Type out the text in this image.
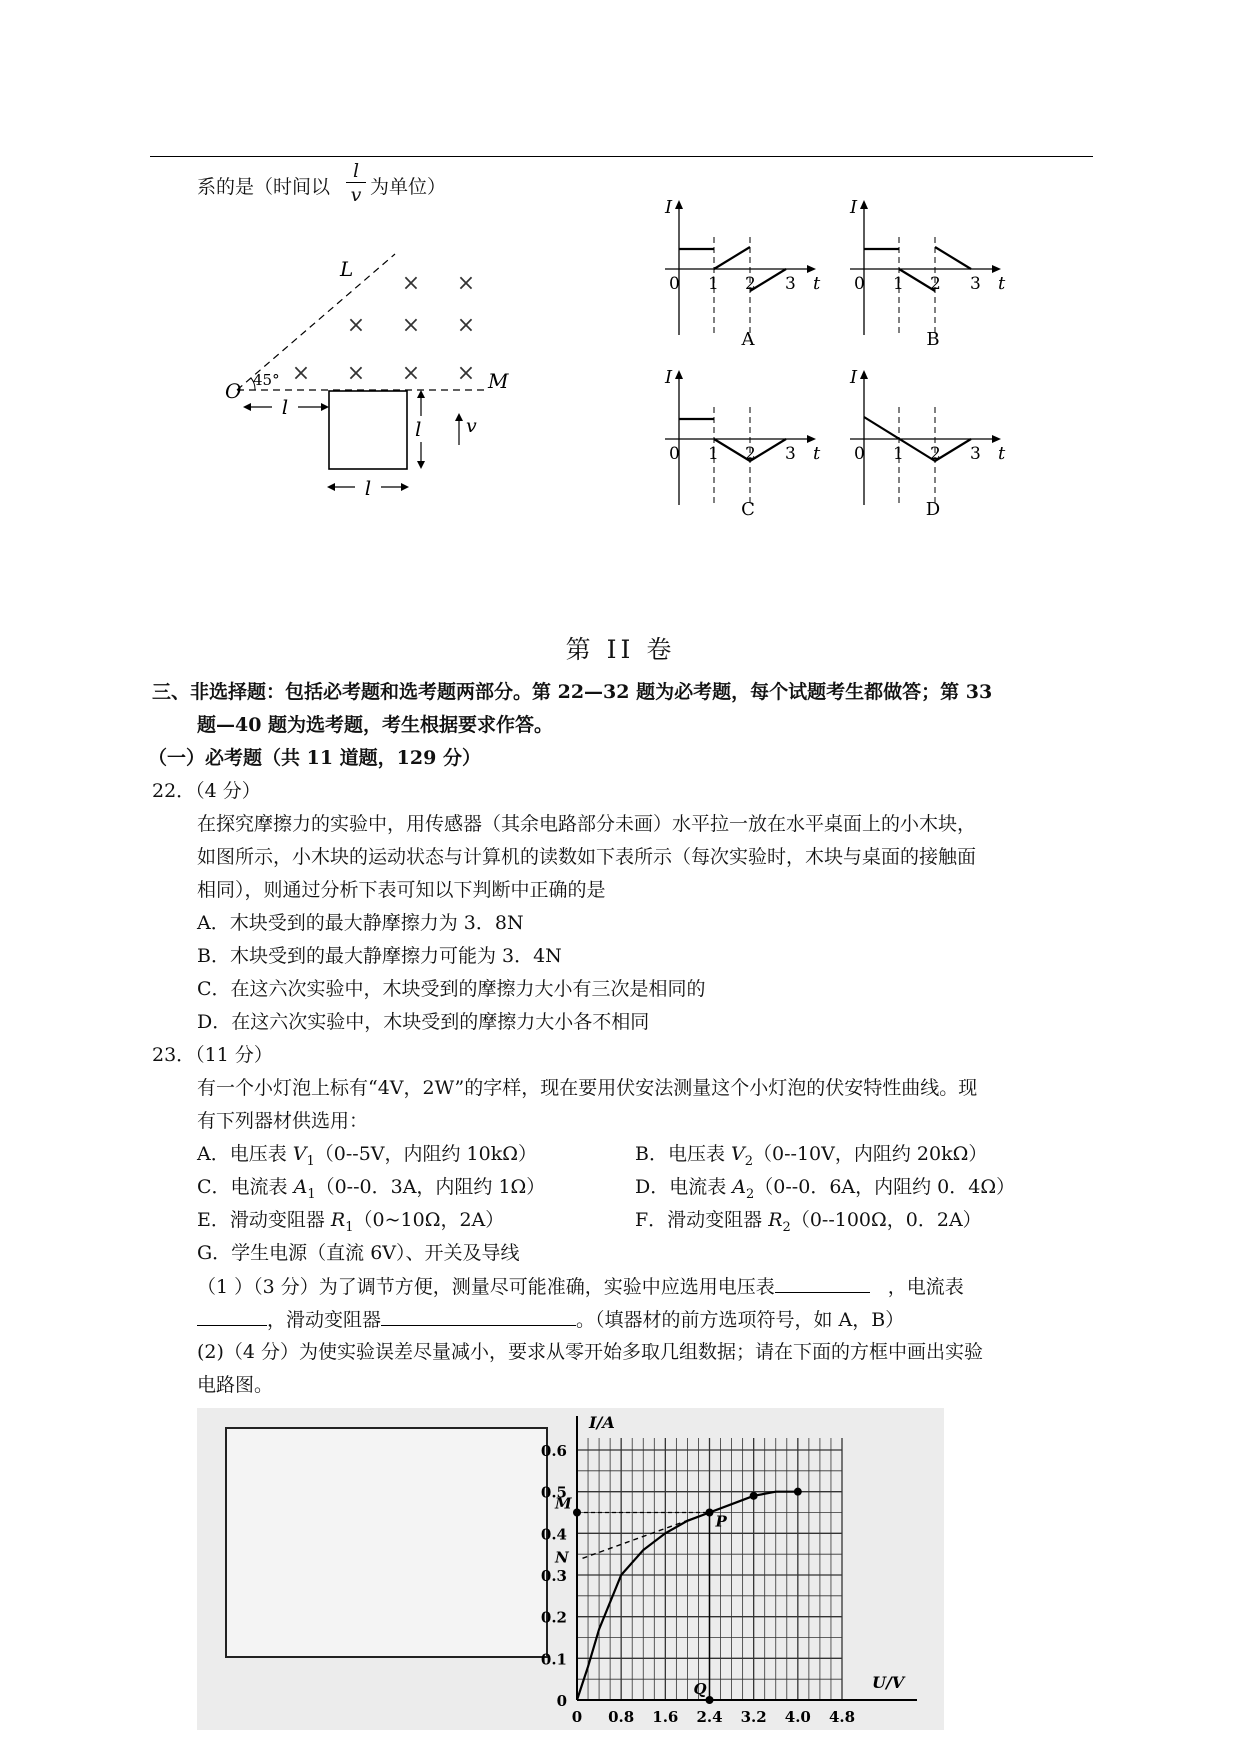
系的是（时间以
l
v 为单位）
× ×
× × ×
× × × ×
L
O	M
45°
l
l v
l
I
t
0 1 2 3
A
I
t
0 1 2 3
B
I
t
0 1 2 3
C
I
t
0 1 2 3
D
第 II 卷
三、非选择题：包括必考题和选考题两部分。第 22—32 题为必考题，每个试题考生都做答；第 33
题—40 题为选考题，考生根据要求作答。
（一）必考题（共 11 道题，129 分）
22．（4 分）
在探究摩擦力的实验中，用传感器（其余电路部分未画）水平拉一放在水平桌面上的小木块，
如图所示，小木块的运动状态与计算机的读数如下表所示（每次实验时，木块与桌面的接触面
相同），则通过分析下表可知以下判断中正确的是
A．木块受到的最大静摩擦力为 3．8N
B．木块受到的最大静摩擦力可能为 3．4N
C．在这六次实验中，木块受到的摩擦力大小有三次是相同的
D．在这六次实验中，木块受到的摩擦力大小各不相同
23．（11 分）
有一个小灯泡上标有“4V，2W”的字样，现在要用伏安法测量这个小灯泡的伏安特性曲线。现
有下列器材供选用：
A．电压表 $V_1(0--5V$，内阻约 10kΩ）	B．电压表 $V_2(0--10V$，内阻约 20kΩ）
C．电流表 $A_1(0--0$．3A，内阻约 1Ω）	D．电流表 $A_2(0--0$．6A，内阻约 0．4Ω）
E．滑动变阻器 $R_1(0\sim 10\Omega$，2A）	F．滑动变阻器 $R_2(0--100\Omega$，0．2A）
G．学生电源（直流 6V）、开关及导线
（1 ）（3 分）为了调节方便，测量尽可能准确，实验中应选用电压表	，电流表
，滑动变阻器	。（填器材的前方选项符号，如 A，B）
(2)（4 分）为使实验误差尽量减小，要求从零开始多取几组数据；请在下面的方框中画出实验
电路图。
0.6
0.5
0.4
0.3
0.2
0.1
0
0 0.8 1.6 2.4 3.2 4.0 4.8
I/A
U/V
M
N
P
Q
